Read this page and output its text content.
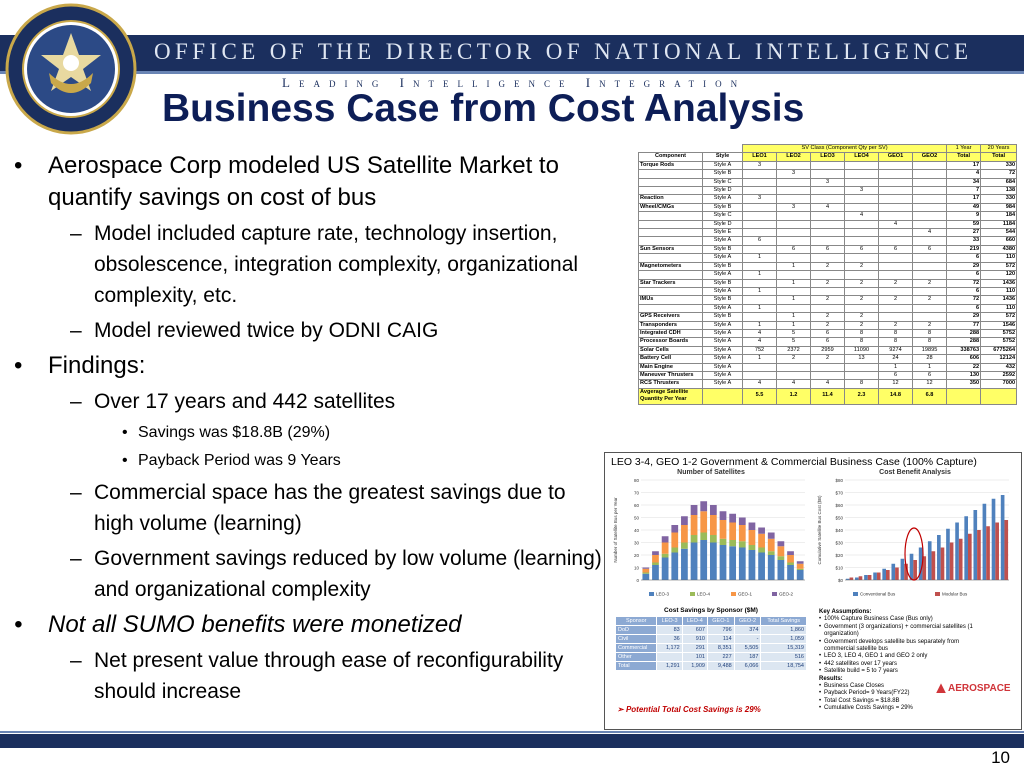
OFFICE OF THE DIRECTOR OF NATIONAL INTELLIGENCE
Leading Intelligence Integration
Business Case from Cost Analysis
• Aerospace Corp modeled US Satellite Market to quantify savings on cost of bus
– Model included capture rate, technology insertion, obsolescence, integration complexity, organizational complexity, etc.
– Model reviewed twice by ODNI CAIG
• Findings:
– Over 17 years and 442 satellites
• Savings was $18.8B (29%)
• Payback Period was 9 Years
– Commercial space has the greatest savings due to high volume (learning)
– Government savings reduced by low volume (learning) and organizational complexity
• Not all SUMO benefits were monetized
– Net present value through ease of reconfigurability should increase
		SV Class (Component Qty per SV)						1 Year	20 Years
Component	Style	LEO1	LEO2	LEO3	LEO4	GEO1	GEO2	Total	Total
Torque Rods	Style A	3						17	330
	Style B		3					4	72
	Style C			3				34	684
	Style D				3			7	138
Reaction	Style A	3						17	330
Wheel/CMGs	Style B		3	4				49	984
	Style C				4			9	184
	Style D					4		59	1184
	Style E						4	27	544
	Style A	6						33	660
Sun Sensors	Style B		6	6	6	6	6	219	4380
	Style A	1						6	110
Magnetometers	Style B		1	2	2			29	572
	Style A	1						6	120
Star Trackers	Style B		1	2	2	2	2	72	1436
	Style A	1						6	110
IMUs	Style B		1	2	2	2	2	72	1436
	Style A	1						6	110
GPS Receivers	Style B		1	2	2			29	572
Transponders	Style A	1	1	2	2	2	2	77	1546
Integrated CDH	Style A	4	5	6	8	8	8	288	5752
Processor Boards	Style A	4	5	6	8	8	8	288	5752
Solar Cells	Style A	752	2372	2959	11090	9274	19895	338763	6775264
Battery Cell	Style A	1	2	2	13	24	28	606	12124
Main Engine	Style A					1	1	22	432
Maneuver Thrusters	Style A					6	6	130	2592
RCS Thrusters	Style A	4	4	4	8	12	12	350	7000
Avgerage Satellite Quantity Per Year		5.5	1.2	11.4	2.3	14.8	6.8		
LEO 3-4, GEO 1-2 Government & Commercial Business Case (100% Capture)
Number of Satellites
0
10
20
30
40
50
60
70
80
Number of Satellite Bus per Year
LEO-3	LEO-4	GEO-1	GEO-2
Cost Benefit Analysis
$0
$10
$20
$30
$40
$50
$60
$70
$80
Cumulative Satellite Bus Cost ($B)
Conventional Bus	Modular Bus
Cost Savings by Sponsor ($M)
Sponsor	LEO-3	LEO-4	GEO-1	GEO-2	Total Savings
DoD	83	607	796	374	1,860
Civil	36	910	114	-	1,059
Commercial	1,172	291	8,351	5,505	15,319
Other		101	227	187	516
Total	1,291	1,909	9,488	6,066	18,754
➢ Potential Total Cost Savings is 29%
Key Assumptions:
• 100% Capture Business Case (Bus only)
• Government (3 organizations) + commercial satellites (1 organization)
• Government develops satellite bus separately from commercial satellite bus
• LEO 3, LEO 4, GEO 1 and GEO 2 only
• 442 satellites over 17 years
• Satellite build = 5 to 7 years
Results:
• Business Case Closes
• Payback Period= 9 Years(FY22)
• Total Cost Savings = $18.8B
• Cumulative Costs Savings = 29%
AEROSPACE
10
